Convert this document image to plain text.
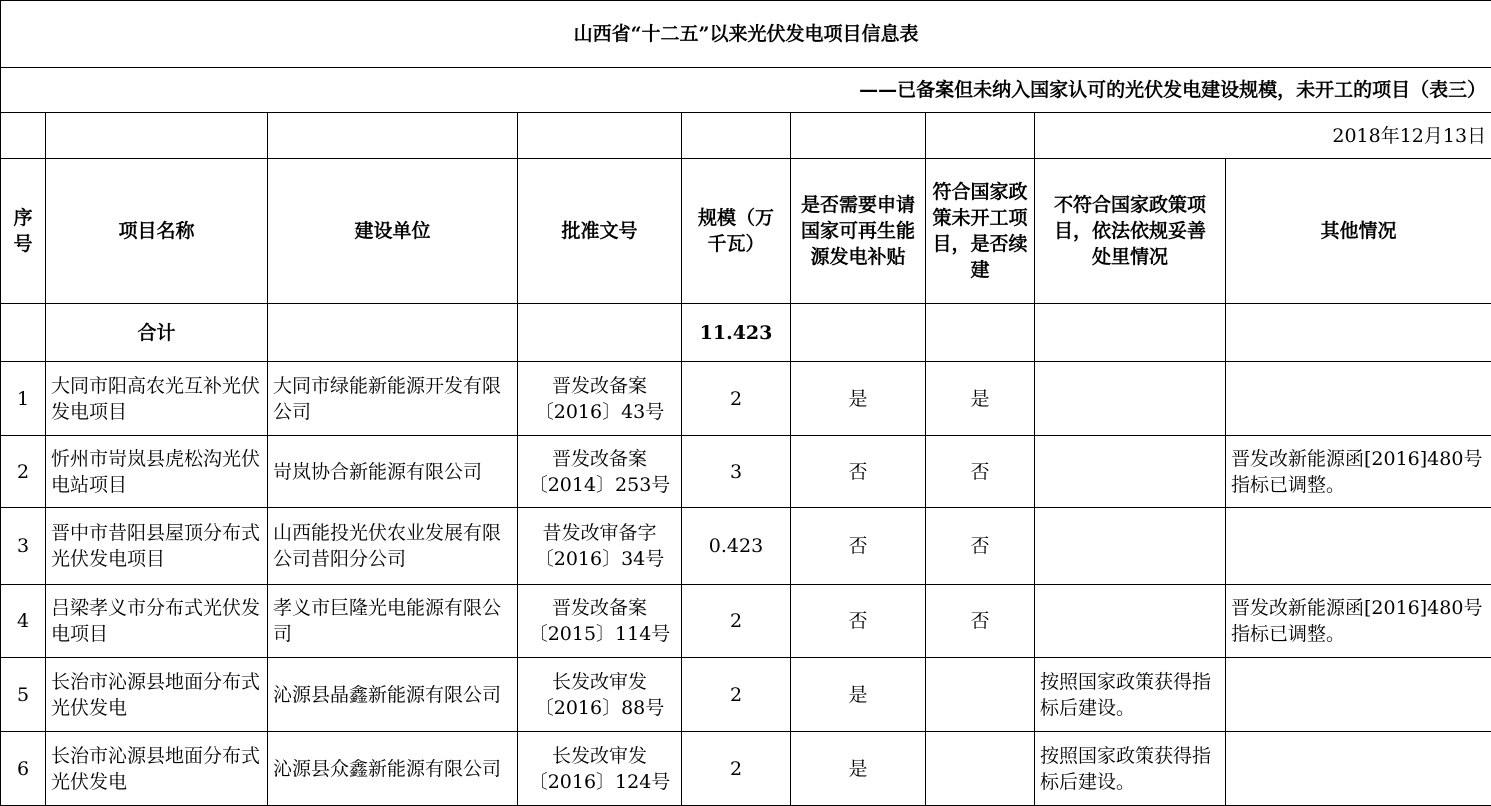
山西省“十二五”以来光伏发电项目信息表								
——已备案但未纳入国家认可的光伏发电建设规模，未开工的项目（表三）								
							2018年12月13日	
序号	项目名称	建设单位	批准文号	规模（万千瓦）	是否需要申请国家可再生能源发电补贴	符合国家政策未开工项目，是否续建	不符合国家政策项目，依法依规妥善处里情况	其他情况
	合计			11.423				
1	大同市阳高农光互补光伏发电项目	大同市绿能新能源开发有限公司	晋发改备案〔2016〕43号	2	是	是		
2	忻州市岢岚县虎松沟光伏电站项目	岢岚协合新能源有限公司	晋发改备案〔2014〕253号	3	否	否		晋发改新能源函[2016]480号指标已调整。
3	晋中市昔阳县屋顶分布式光伏发电项目	山西能投光伏农业发展有限公司昔阳分公司	昔发改审备字〔2016〕34号	0.423	否	否		
4	吕梁孝义市分布式光伏发电项目	孝义市巨隆光电能源有限公司	晋发改备案〔2015〕114号	2	否	否		晋发改新能源函[2016]480号指标已调整。
5	长治市沁源县地面分布式光伏发电	沁源县晶鑫新能源有限公司	长发改审发〔2016〕88号	2	是		按照国家政策获得指标后建设。	
6	长治市沁源县地面分布式光伏发电	沁源县众鑫新能源有限公司	长发改审发〔2016〕124号	2	是		按照国家政策获得指标后建设。	
